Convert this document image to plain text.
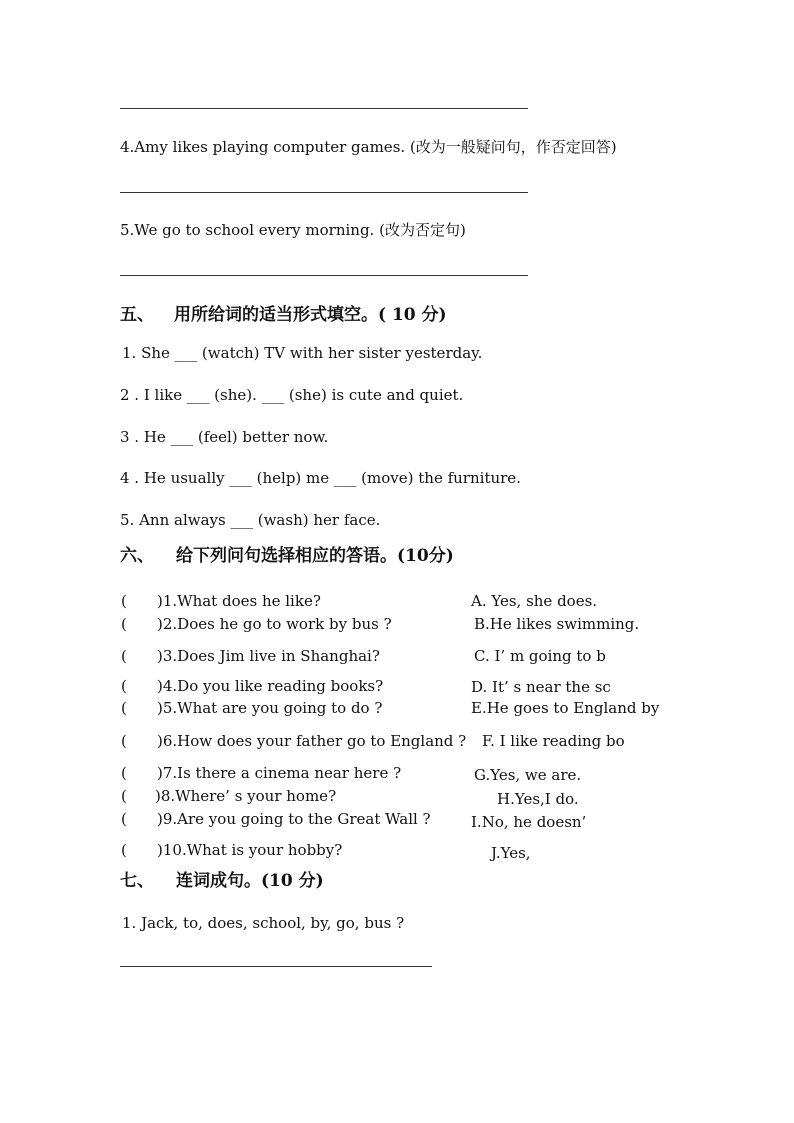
4.Amy likes playing computer games. (改为一般疑问句，作否定回答)
5.We go to school every morning. (改为否定句)
五、 用所给词的适当形式填空。( 10 分)
1. She ___ (watch) TV with her sister yesterday.
2 . I like ___ (she). ___ (she) is cute and quiet.
3 . He ___ (feel) better now.
4 . He usually ___ (help) me ___ (move) the furniture.
5. Ann always ___ (wash) her face.
六、 给下列问句选择相应的答语。(10分)
( )1.What does he like?
( )2.Does he go to work by bus ?
( )3.Does Jim live in Shanghai?
( )4.Do you like reading books?
( )5.What are you going to do ?
( )6.How does your father go to England ?
( )7.Is there a cinema near here ?
( )8.Where’ s your home?
( )9.Are you going to the Great Wall ?
( )10.What is your hobby?
A. Yes, she does.
B.He likes swimming.
C. I’ m going to b
D. It’ s near the sc
E.He goes to England by
F. I like reading bo
G.Yes, we are.
H.Yes,I do.
I.No, he doesn’
J.Yes,
七、 连词成句。(10 分)
1. Jack, to, does, school, by, go, bus ?
